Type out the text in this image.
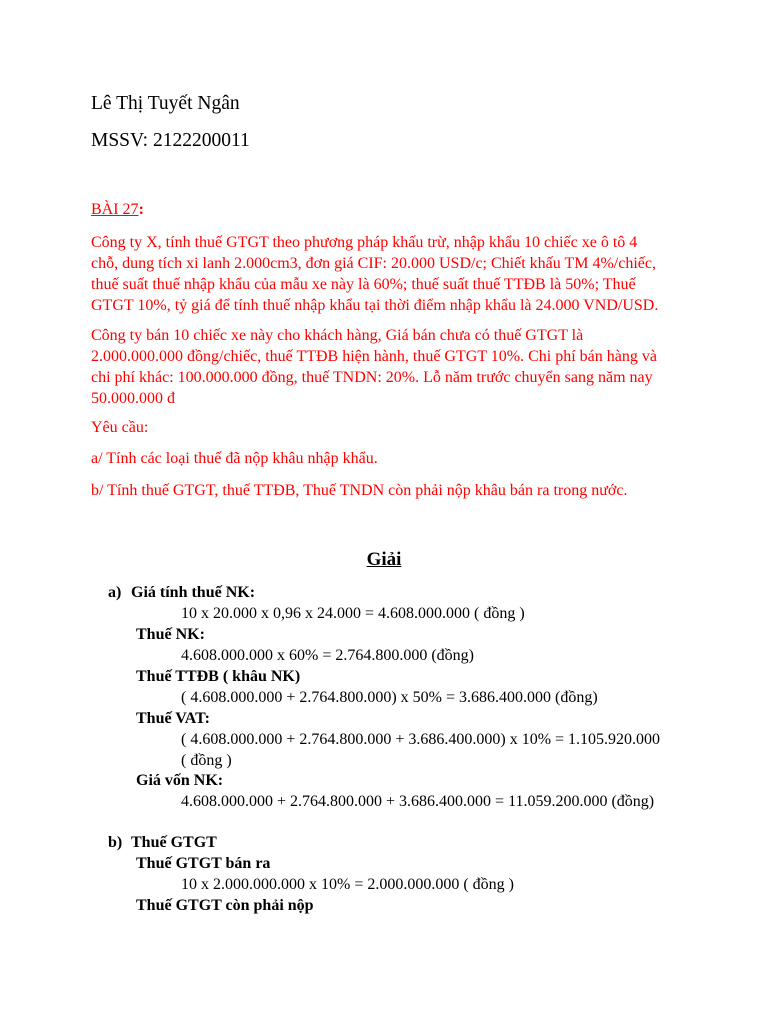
Lê Thị Tuyết Ngân
MSSV: 2122200011
BÀI 27:
Công ty X, tính thuế GTGT theo phương pháp khấu trừ, nhập khẩu 10 chiếc xe ô tô 4
chỗ, dung tích xi lanh 2.000cm3, đơn giá CIF: 20.000 USD/c; Chiết khấu TM 4%/chiếc,
thuế suất thuế nhập khẩu của mẫu xe này là 60%; thuế suất thuế TTĐB là 50%; Thuế
GTGT 10%, tỷ giá để tính thuế nhập khẩu tại thời điểm nhập khẩu là 24.000 VND/USD.
Công ty bán 10 chiếc xe này cho khách hàng, Giá bán chưa có thuế GTGT là
2.000.000.000 đồng/chiếc, thuế TTĐB hiện hành, thuế GTGT 10%. Chi phí bán hàng và
chi phí khác: 100.000.000 đồng, thuế TNDN: 20%. Lỗ năm trước chuyển sang năm nay
50.000.000 đ
Yêu cầu:
a/ Tính các loại thuế đã nộp khâu nhập khẩu.
b/ Tính thuế GTGT, thuế TTĐB, Thuế TNDN còn phải nộp khâu bán ra trong nước.
Giải
a) Giá tính thuế NK:
10 x 20.000 x 0,96 x 24.000 = 4.608.000.000 ( đồng )
Thuế NK:
4.608.000.000 x 60% = 2.764.800.000 (đồng)
Thuế TTĐB ( khâu NK)
( 4.608.000.000 + 2.764.800.000) x 50% = 3.686.400.000 (đồng)
Thuế VAT:
( 4.608.000.000 + 2.764.800.000 + 3.686.400.000) x 10% = 1.105.920.000
( đồng )
Giá vốn NK:
4.608.000.000 + 2.764.800.000 + 3.686.400.000 = 11.059.200.000 (đồng)
b) Thuế GTGT
Thuế GTGT bán ra
10 x 2.000.000.000 x 10% = 2.000.000.000 ( đồng )
Thuế GTGT còn phải nộp
